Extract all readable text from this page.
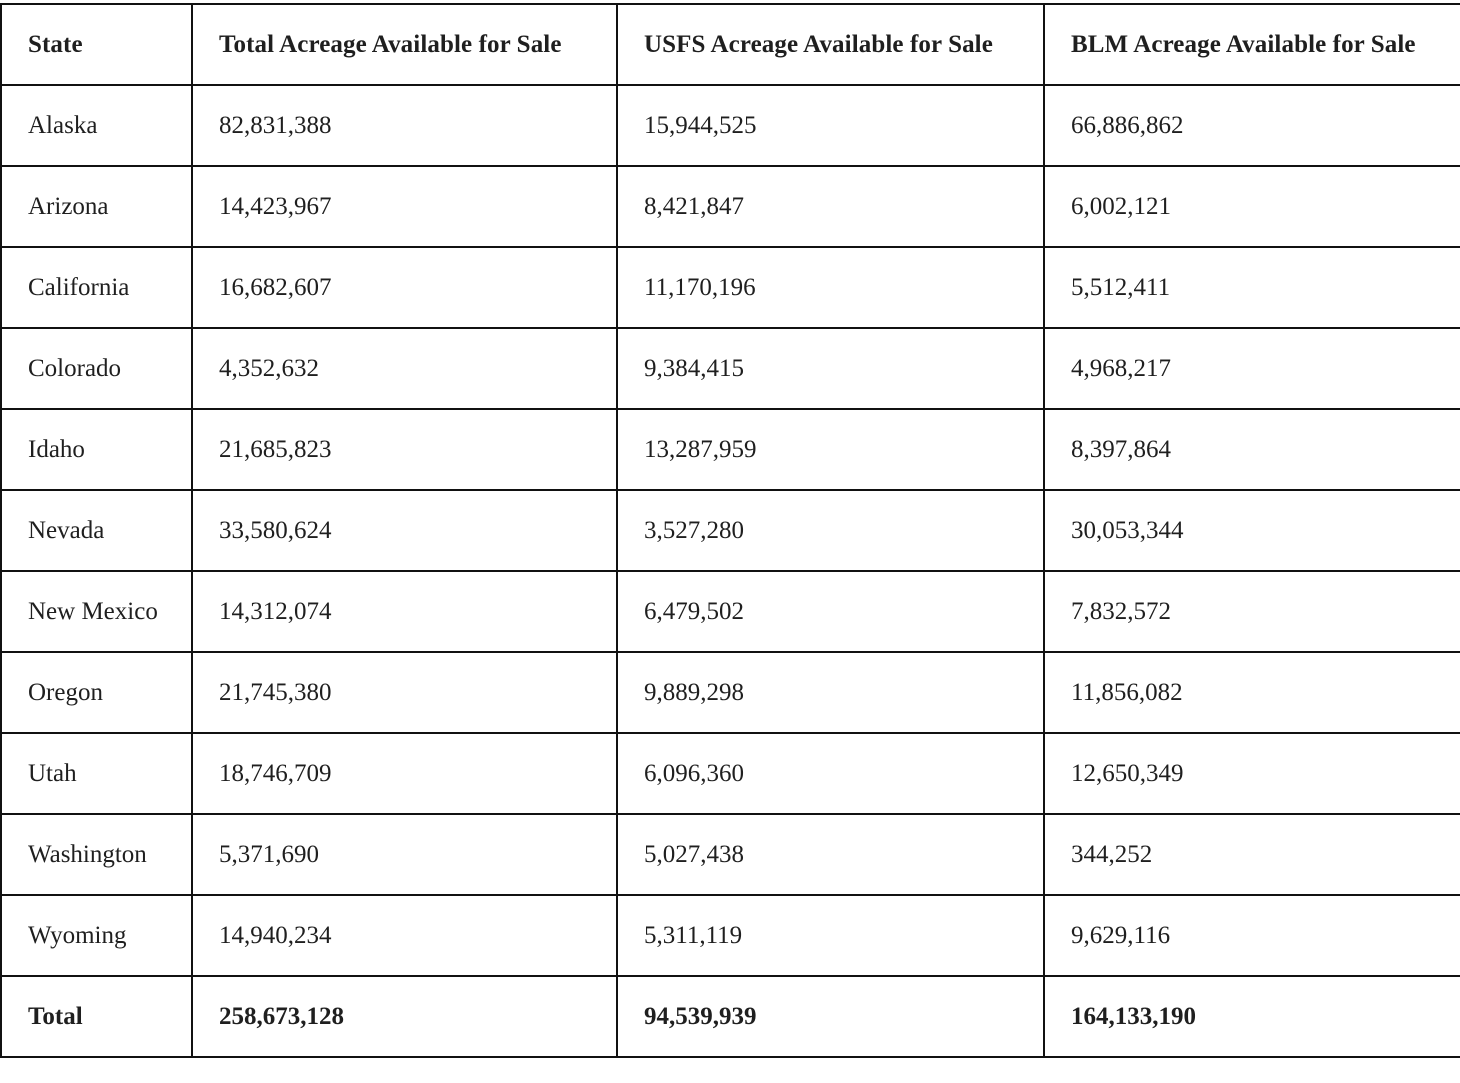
State	Total Acreage Available for Sale	USFS Acreage Available for Sale	BLM Acreage Available for Sale
Alaska	82,831,388	15,944,525	66,886,862
Arizona	14,423,967	8,421,847	6,002,121
California	16,682,607	11,170,196	5,512,411
Colorado	4,352,632	9,384,415	4,968,217
Idaho	21,685,823	13,287,959	8,397,864
Nevada	33,580,624	3,527,280	30,053,344
New Mexico	14,312,074	6,479,502	7,832,572
Oregon	21,745,380	9,889,298	11,856,082
Utah	18,746,709	6,096,360	12,650,349
Washington	5,371,690	5,027,438	344,252
Wyoming	14,940,234	5,311,119	9,629,116
Total	258,673,128	94,539,939	164,133,190
